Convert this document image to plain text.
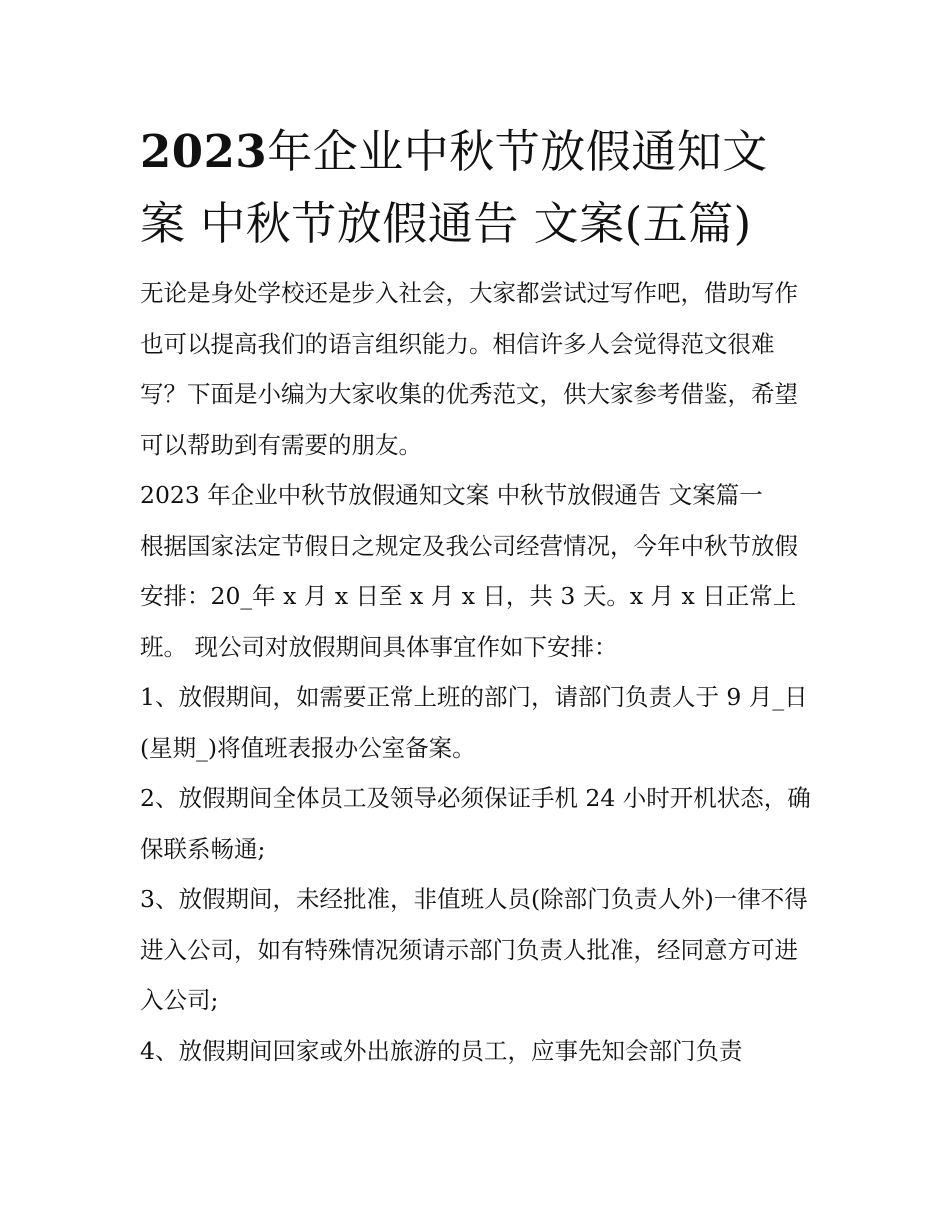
2023年企业中秋节放假通知文案 中秋节放假通告 文案(五篇)

无论是身处学校还是步入社会，大家都尝试过写作吧，借助写作也可以提高我们的语言组织能力。相信许多人会觉得范文很难写？下面是小编为大家收集的优秀范文，供大家参考借鉴，希望可以帮助到有需要的朋友。

2023 年企业中秋节放假通知文案 中秋节放假通告 文案篇一

根据国家法定节假日之规定及我公司经营情况，今年中秋节放假安排：20_年 x 月 x 日至 x 月 x 日，共 3 天。x 月 x 日正常上班。 现公司对放假期间具体事宜作如下安排：

1、放假期间，如需要正常上班的部门，请部门负责人于 9 月_日(星期_)将值班表报办公室备案。

2、放假期间全体员工及领导必须保证手机 24 小时开机状态，确保联系畅通;

3、放假期间，未经批准，非值班人员(除部门负责人外)一律不得进入公司，如有特殊情况须请示部门负责人批准，经同意方可进入公司;

4、放假期间回家或外出旅游的员工，应事先知会部门负责
